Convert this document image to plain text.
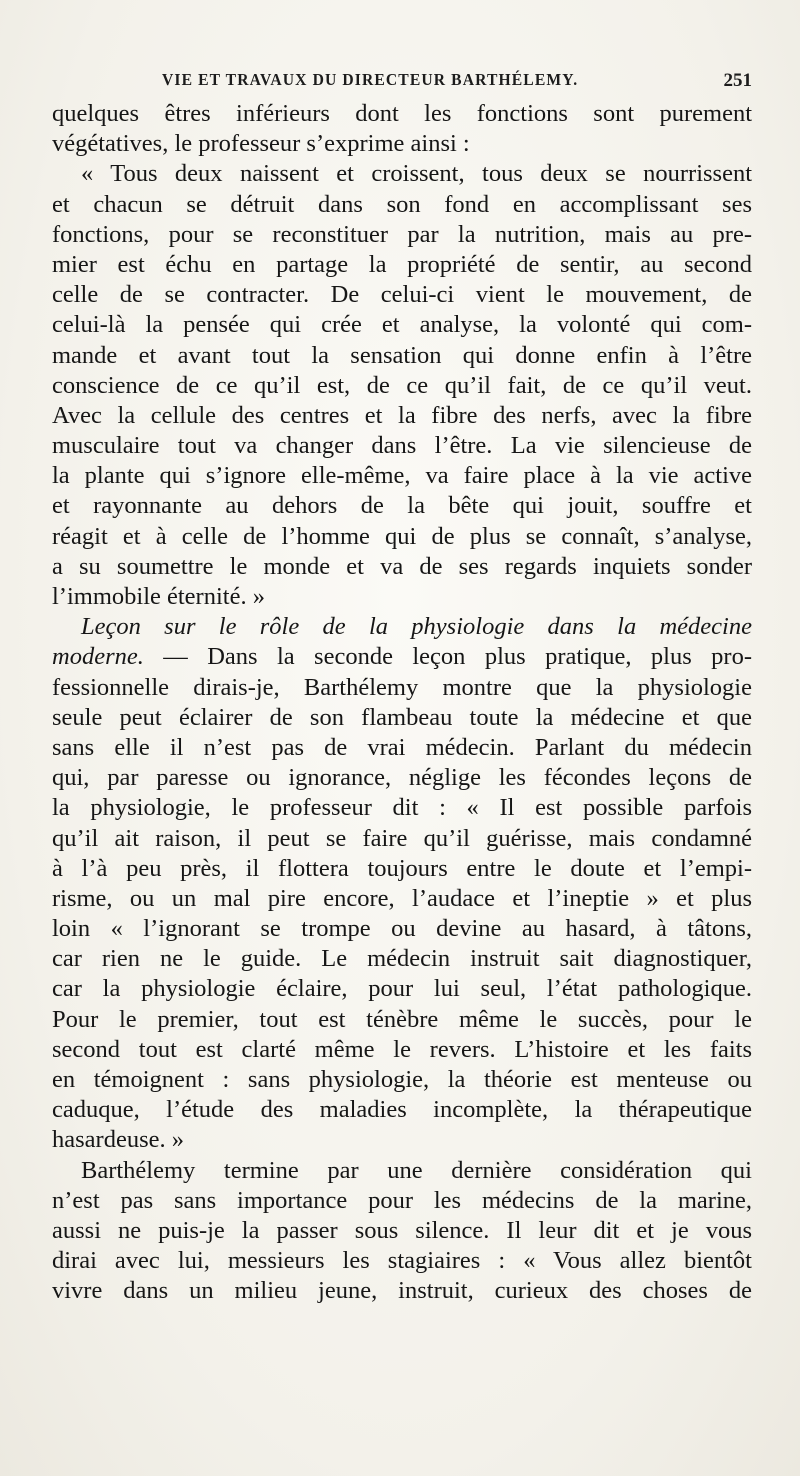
VIE ET TRAVAUX DU DIRECTEUR BARTHÉLEMY.	251
quelques êtres inférieurs dont les fonctions sont purement
végétatives, le professeur s’exprime ainsi :
« Tous deux naissent et croissent, tous deux se nourrissent
et chacun se détruit dans son fond en accomplissant ses
fonctions, pour se reconstituer par la nutrition, mais au pre-
mier est échu en partage la propriété de sentir, au second
celle de se contracter. De celui-ci vient le mouvement, de
celui-là la pensée qui crée et analyse, la volonté qui com-
mande et avant tout la sensation qui donne enfin à l’être
conscience de ce qu’il est, de ce qu’il fait, de ce qu’il veut.
Avec la cellule des centres et la fibre des nerfs, avec la fibre
musculaire tout va changer dans l’être. La vie silencieuse de
la plante qui s’ignore elle-même, va faire place à la vie active
et rayonnante au dehors de la bête qui jouit, souffre et
réagit et à celle de l’homme qui de plus se connaît, s’analyse,
a su soumettre le monde et va de ses regards inquiets sonder
l’immobile éternité. »
Leçon sur le rôle de la physiologie dans la médecine
moderne. — Dans la seconde leçon plus pratique, plus pro-
fessionnelle dirais-je, Barthélemy montre que la physiologie
seule peut éclairer de son flambeau toute la médecine et que
sans elle il n’est pas de vrai médecin. Parlant du médecin
qui, par paresse ou ignorance, néglige les fécondes leçons de
la physiologie, le professeur dit : « Il est possible parfois
qu’il ait raison, il peut se faire qu’il guérisse, mais condamné
à l’à peu près, il flottera toujours entre le doute et l’empi-
risme, ou un mal pire encore, l’audace et l’ineptie » et plus
loin « l’ignorant se trompe ou devine au hasard, à tâtons,
car rien ne le guide. Le médecin instruit sait diagnostiquer,
car la physiologie éclaire, pour lui seul, l’état pathologique.
Pour le premier, tout est ténèbre même le succès, pour le
second tout est clarté même le revers. L’histoire et les faits
en témoignent : sans physiologie, la théorie est menteuse ou
caduque, l’étude des maladies incomplète, la thérapeutique
hasardeuse. »
Barthélemy termine par une dernière considération qui
n’est pas sans importance pour les médecins de la marine,
aussi ne puis-je la passer sous silence. Il leur dit et je vous
dirai avec lui, messieurs les stagiaires : « Vous allez bientôt
vivre dans un milieu jeune, instruit, curieux des choses de
